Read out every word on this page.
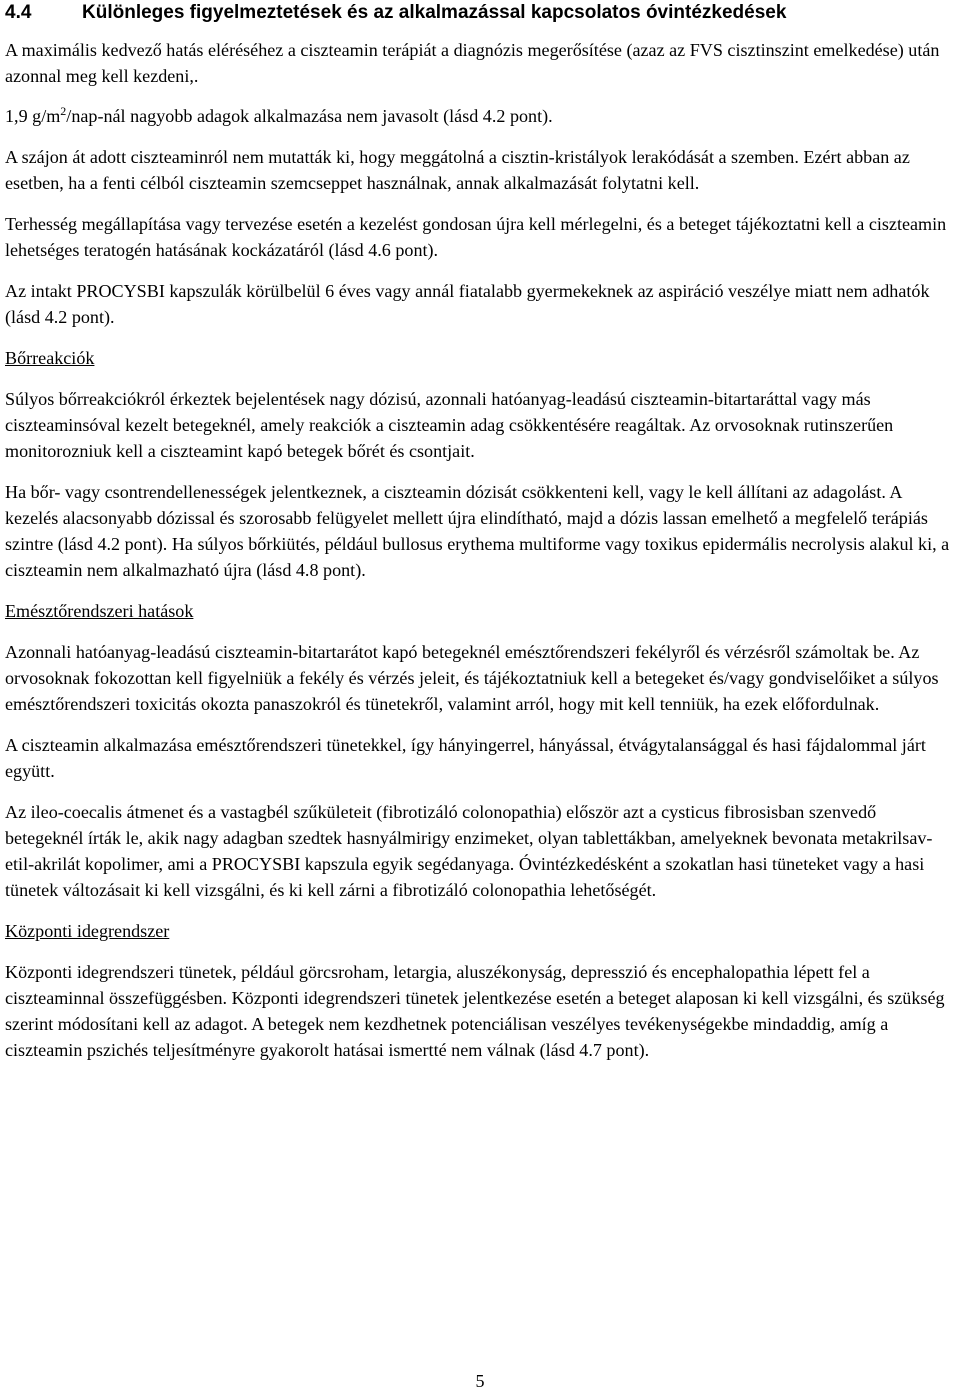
4.4	Különleges figyelmeztetések és az alkalmazással kapcsolatos óvintézkedések

A maximális kedvező hatás eléréséhez a ciszteamin terápiát a diagnózis megerősítése (azaz az FVS cisztinszint emelkedése) után azonnal meg kell kezdeni,.

1,9 $g/m^2/nap$-nál nagyobb adagok alkalmazása nem javasolt (lásd 4.2 pont).

A szájon át adott ciszteaminról nem mutatták ki, hogy meggátolná a cisztin-kristályok lerakódását a szemben. Ezért abban az esetben, ha a fenti célból ciszteamin szemcseppet használnak, annak alkalmazását folytatni kell.

Terhesség megállapítása vagy tervezése esetén a kezelést gondosan újra kell mérlegelni, és a beteget tájékoztatni kell a ciszteamin lehetséges teratogén hatásának kockázatáról (lásd 4.6 pont).

Az intakt PROCYSBI kapszulák körülbelül 6 éves vagy annál fiatalabb gyermekeknek az aspiráció veszélye miatt nem adhatók (lásd 4.2 pont).

Bőrreakciók

Súlyos bőrreakciókról érkeztek bejelentések nagy dózisú, azonnali hatóanyag-leadású ciszteamin-bitartaráttal vagy más ciszteaminsóval kezelt betegeknél, amely reakciók a ciszteamin adag csökkentésére reagáltak. Az orvosoknak rutinszerűen monitorozniuk kell a ciszteamint kapó betegek bőrét és csontjait.

Ha bőr- vagy csontrendellenességek jelentkeznek, a ciszteamin dózisát csökkenteni kell, vagy le kell állítani az adagolást. A kezelés alacsonyabb dózissal és szorosabb felügyelet mellett újra elindítható, majd a dózis lassan emelhető a megfelelő terápiás szintre (lásd 4.2 pont). Ha súlyos bőrkiütés, például bullosus erythema multiforme vagy toxikus epidermális necrolysis alakul ki, a ciszteamin nem alkalmazható újra (lásd 4.8 pont).

Emésztőrendszeri hatások

Azonnali hatóanyag-leadású ciszteamin-bitartarátot kapó betegeknél emésztőrendszeri fekélyről és vérzésről számoltak be. Az orvosoknak fokozottan kell figyelniük a fekély és vérzés jeleit, és tájékoztatniuk kell a betegeket és/vagy gondviselőiket a súlyos emésztőrendszeri toxicitás okozta panaszokról és tünetekről, valamint arról, hogy mit kell tenniük, ha ezek előfordulnak.

A ciszteamin alkalmazása emésztőrendszeri tünetekkel, így hányingerrel, hányással, étvágytalansággal és hasi fájdalommal járt együtt.

Az ileo-coecalis átmenet és a vastagbél szűkületeit (fibrotizáló colonopathia) először azt a cysticus fibrosisban szenvedő betegeknél írták le, akik nagy adagban szedtek hasnyálmirigy enzimeket, olyan tablettákban, amelyeknek bevonata metakrilsav-etil-akrilát kopolimer, ami a PROCYSBI kapszula egyik segédanyaga. Óvintézkedésként a szokatlan hasi tüneteket vagy a hasi tünetek változásait ki kell vizsgálni, és ki kell zárni a fibrotizáló colonopathia lehetőségét.

Központi idegrendszer

Központi idegrendszeri tünetek, például görcsroham, letargia, aluszékonyság, depresszió és encephalopathia lépett fel a ciszteaminnal összefüggésben. Központi idegrendszeri tünetek jelentkezése esetén a beteget alaposan ki kell vizsgálni, és szükség szerint módosítani kell az adagot. A betegek nem kezdhetnek potenciálisan veszélyes tevékenységekbe mindaddig, amíg a ciszteamin pszichés teljesítményre gyakorolt hatásai ismertté nem válnak (lásd 4.7 pont).

5
